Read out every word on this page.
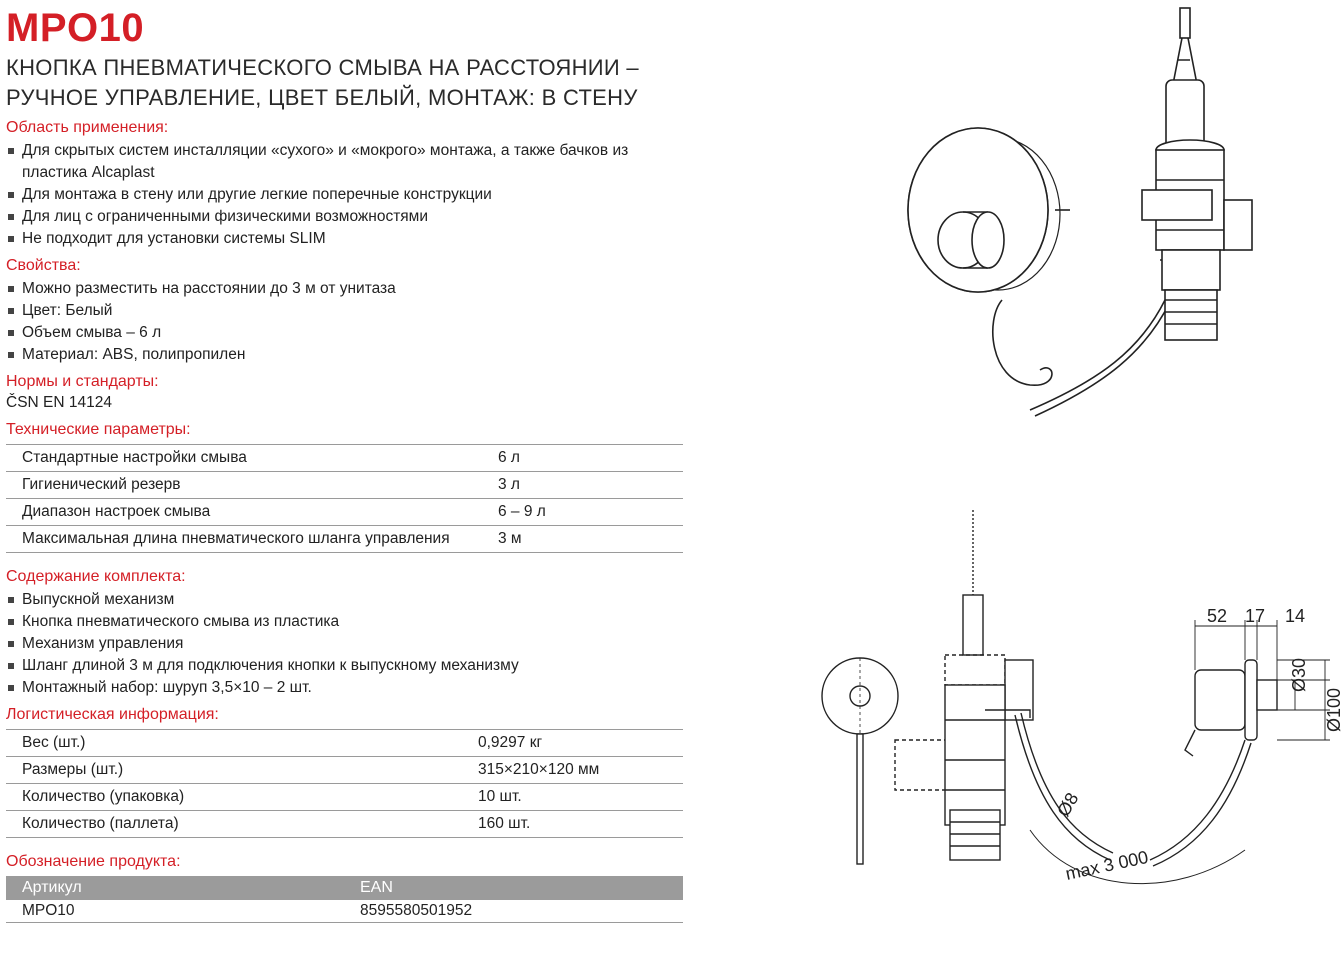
MPO10
КНОПКА ПНЕВМАТИЧЕСКОГО СМЫВА НА РАССТОЯНИИ –
РУЧНОЕ УПРАВЛЕНИЕ, ЦВЕТ БЕЛЫЙ, МОНТАЖ: В СТЕНУ
Область применения:
Для скрытых систем инсталляции «сухого» и «мокрого» монтажа, а также бачков из пластика Alcaplast
Для монтажа в стену или другие легкие поперечные конструкции
Для лиц с ограниченными физическими возможностями
Не подходит для установки системы SLIM
Свойства:
Можно разместить на расстоянии до 3 м от унитаза
Цвет: Белый
Объем смыва – 6 л
Материал: ABS, полипропилен
Нормы и стандарты:
ČSN EN 14124
Технические параметры:
Стандартные настройки смыва	6 л
Гигиенический резерв	3 л
Диапазон настроек смыва	6 – 9 л
Максимальная длина пневматического шланга управления	3 м
Содержание комплекта:
Выпускной механизм
Кнопка пневматического смыва из пластика
Механизм управления
Шланг длиной 3 м для подключения кнопки к выпускному механизму
Монтажный набор: шуруп 3,5×10 – 2 шт.
Логистическая информация:
Вес (шт.)	0,9297 кг
Размеры (шт.)	315×210×120 мм
Количество (упаковка)	10 шт.
Количество (паллета)	160 шт.
Обозначение продукта:
Артикул	EAN
MPO10	8595580501952
52 17 14
Ø30
Ø100
Ø8
max 3 000
